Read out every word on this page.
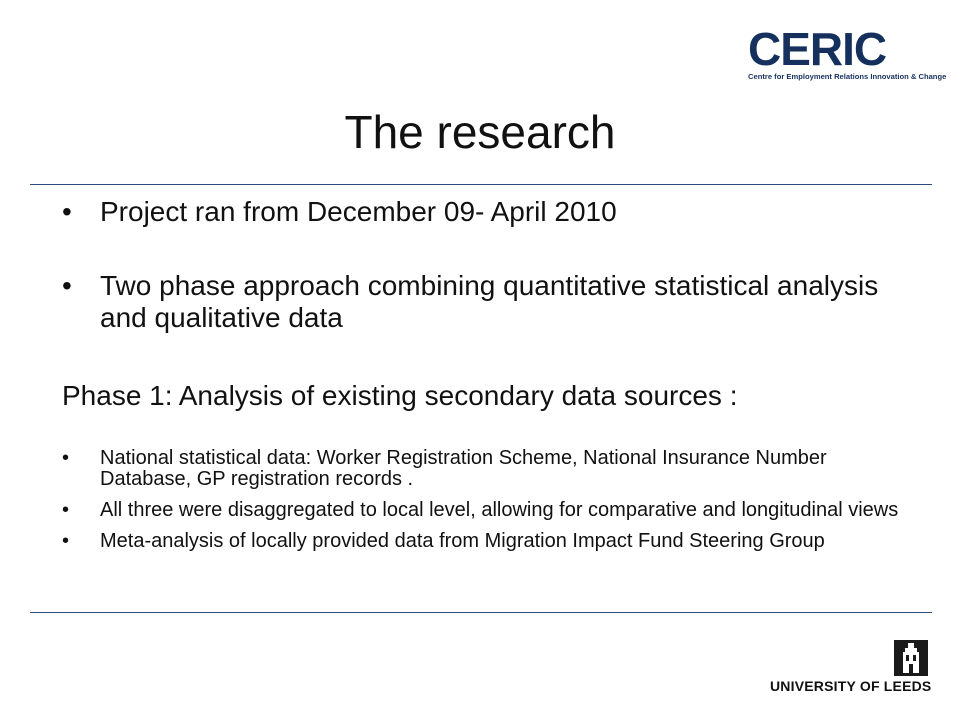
CERIC
Centre for Employment Relations Innovation & Change
The research
• Project ran from December 09- April 2010
• Two phase approach combining quantitative statistical analysis and qualitative data
Phase 1: Analysis of existing secondary data sources :
• National statistical data: Worker Registration Scheme, National Insurance Number Database, GP registration records .
• All three were disaggregated to local level, allowing for comparative and longitudinal views
• Meta-analysis of locally provided data from Migration Impact Fund Steering Group
UNIVERSITY OF LEEDS
